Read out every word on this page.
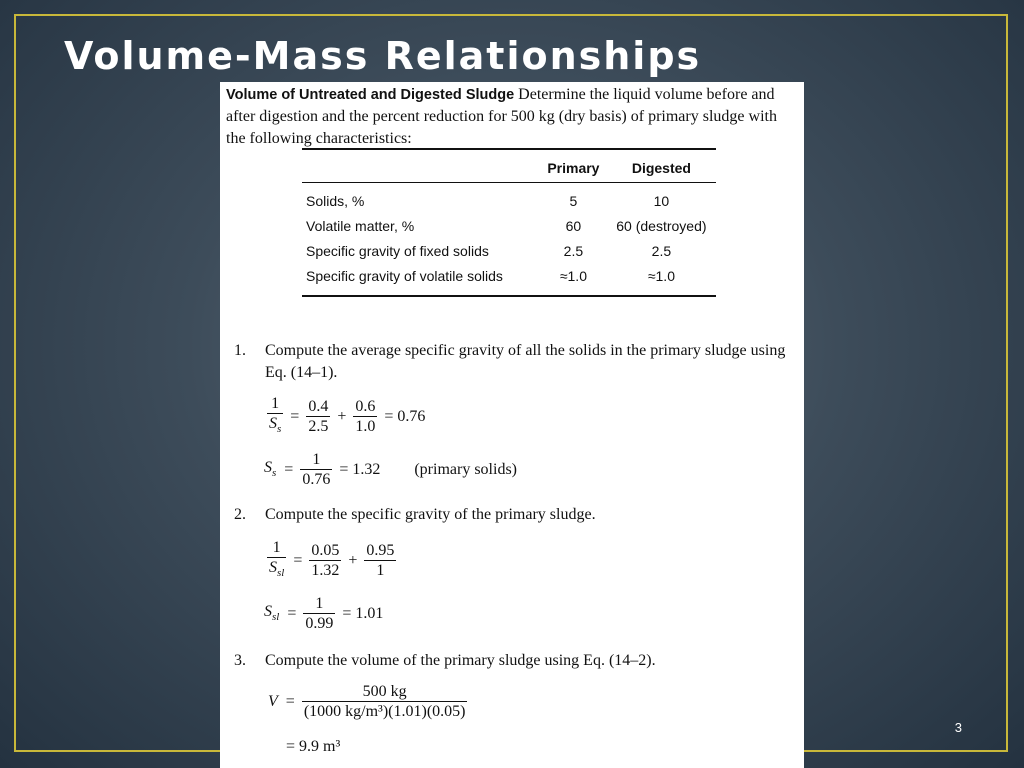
Volume-Mass Relationships
3
Volume of Untreated and Digested Sludge Determine the liquid volume before and after digestion and the percent reduction for 500 kg (dry basis) of primary sludge with the following characteristics:
	Primary	Digested
Solids, %	5	10
Volatile matter, %	60	60 (destroyed)
Specific gravity of fixed solids	2.5	2.5
Specific gravity of volatile solids	≈1.0	≈1.0
1. Compute the average specific gravity of all the solids in the primary sludge using Eq. (14–1).
$\frac{1}{S_s} = \frac{0.4}{2.5} + \frac{0.6}{1.0} = 0.76$
$S_s = \frac{1}{0.76} = 1.32$ (primary solids)
2. Compute the specific gravity of the primary sludge.
$\frac{1}{S_{sl}} = \frac{0.05}{1.32} + \frac{0.95}{1}$
$S_{sl} = \frac{1}{0.99} = 1.01$
3. Compute the volume of the primary sludge using Eq. (14–2).
$V = \frac{500 kg}{\text{(1000 kg/m³)(1.01)(0.05)}}$
= 9.9 m³
